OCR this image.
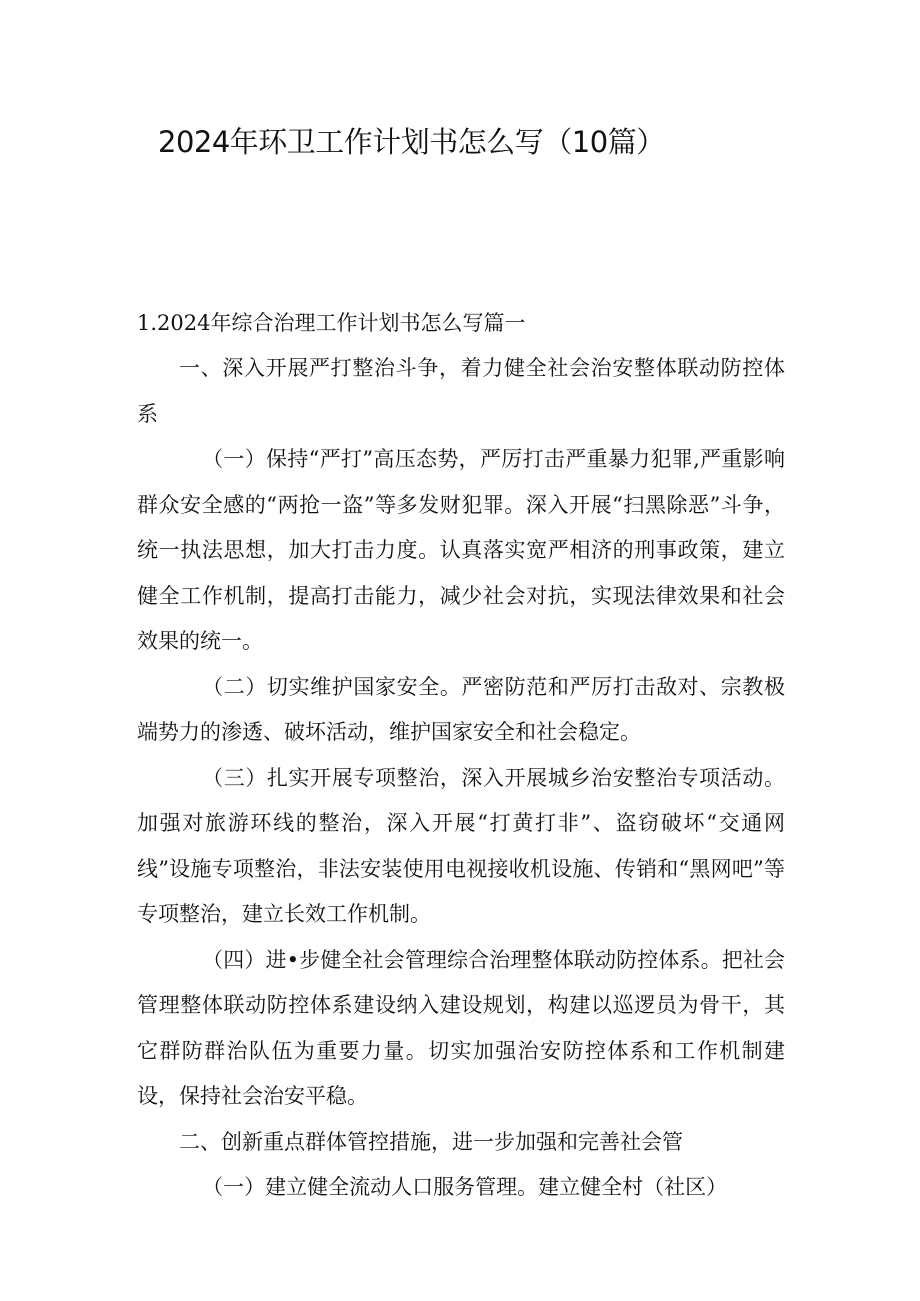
2024年环卫工作计划书怎么写（10篇）
1.2024年综合治理工作计划书怎么写篇一

一、深入开展严打整治斗争，着力健全社会治安整体联动防控体系

（一）保持“严打”高压态势，严厉打击严重暴力犯罪,严重影响群众安全感的“两抢一盗”等多发财犯罪。深入开展“扫黑除恶”斗争，统一执法思想，加大打击力度。认真落实宽严相济的刑事政策，建立健全工作机制，提高打击能力，减少社会对抗，实现法律效果和社会效果的统一。

（二）切实维护国家安全。严密防范和严厉打击敌对、宗教极端势力的渗透、破坏活动，维护国家安全和社会稳定。

（三）扎实开展专项整治，深入开展城乡治安整治专项活动。加强对旅游环线的整治，深入开展“打黄打非”、盗窃破坏“交通网线”设施专项整治，非法安装使用电视接收机设施、传销和“黑网吧”等专项整治，建立长效工作机制。

（四）进•步健全社会管理综合治理整体联动防控体系。把社会管理整体联动防控体系建设纳入建设规划，构建以巡逻员为骨干，其它群防群治队伍为重要力量。切实加强治安防控体系和工作机制建设，保持社会治安平稳。

二、创新重点群体管控措施，进一步加强和完善社会管

（一）建立健全流动人口服务管理。建立健全村（社区）
